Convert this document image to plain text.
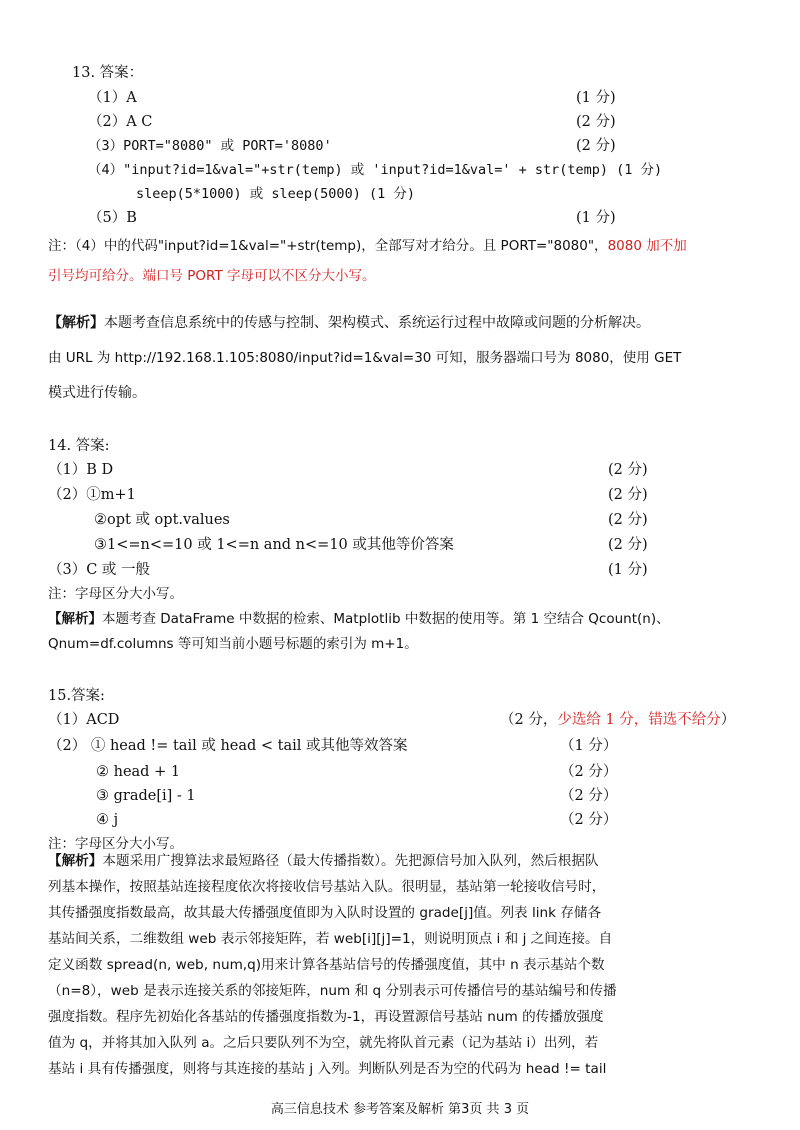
13. 答案：
（1）A	(1 分)
（2）A C	(2 分)
（3）PORT="8080" 或 PORT='8080'	(2 分)
（4）"input?id=1&val="+str(temp) 或 'input?id=1&val=' + str(temp) (1 分)
sleep(5*1000) 或 sleep(5000) (1 分)
（5）B	(1 分)
注：（4）中的代码"input?id=1&val="+str(temp)，全部写对才给分。且 PORT="8080"，8080 加不加
引号均可给分。端口号 PORT 字母可以不区分大小写。
【解析】本题考查信息系统中的传感与控制、架构模式、系统运行过程中故障或问题的分析解决。
由 URL 为 http://192.168.1.105:8080/input?id=1&val=30 可知，服务器端口号为 8080，使用 GET
模式进行传输。
14. 答案:
（1）B D	(2 分)
（2）①m+1	(2 分)
②opt 或 opt.values	(2 分)
③1<=n<=10 或 1<=n and n<=10 或其他等价答案	(2 分)
（3）C 或 一般	(1 分)
注：字母区分大小写。
【解析】本题考查 DataFrame 中数据的检索、Matplotlib 中数据的使用等。第 1 空结合 Qcount(n)、
Qnum=df.columns 等可知当前小题号标题的索引为 m+1。
15.答案:
（1）ACD	（2 分，少选给 1 分，错选不给分）
（2） ① head != tail 或 head < tail 或其他等效答案	（1 分）
② head + 1	（2 分）
③ grade[i] - 1	（2 分）
④ j	（2 分）
注：字母区分大小写。
【解析】本题采用广搜算法求最短路径（最大传播指数）。先把源信号加入队列，然后根据队
列基本操作，按照基站连接程度依次将接收信号基站入队。很明显，基站第一轮接收信号时，
其传播强度指数最高，故其最大传播强度值即为入队时设置的 grade[j]值。列表 link 存储各
基站间关系，二维数组 web 表示邻接矩阵，若 web[i][j]=1，则说明顶点 i 和 j 之间连接。自
定义函数 spread(n, web, num,q)用来计算各基站信号的传播强度值，其中 n 表示基站个数
（n=8），web 是表示连接关系的邻接矩阵，num 和 q 分别表示可传播信号的基站编号和传播
强度指数。程序先初始化各基站的传播强度指数为-1，再设置源信号基站 num 的传播放强度
值为 q，并将其加入队列 a。之后只要队列不为空，就先将队首元素（记为基站 i）出列，若
基站 i 具有传播强度，则将与其连接的基站 j 入列。判断队列是否为空的代码为 head != tail
高三信息技术 参考答案及解析 第3页 共 3 页
